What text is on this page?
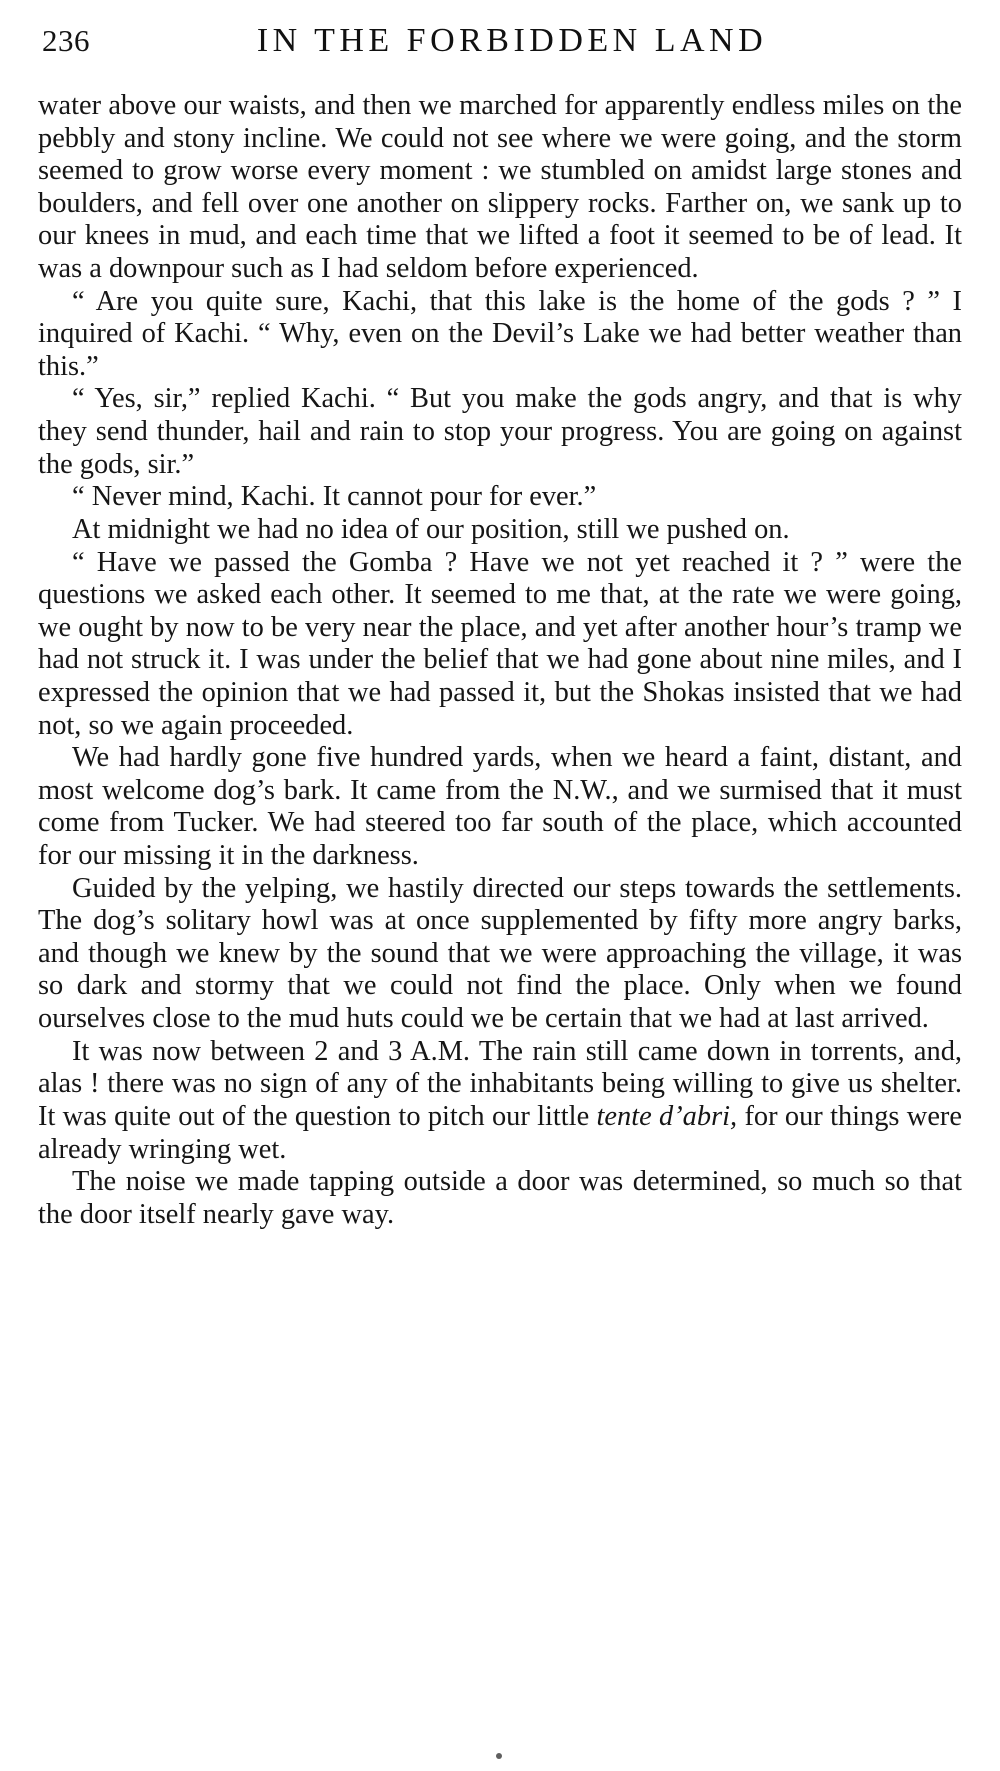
236	IN THE FORBIDDEN LAND

water above our waists, and then we marched for apparently endless miles on the pebbly and stony incline. We could not see where we were going, and the storm seemed to grow worse every moment : we stumbled on amidst large stones and boulders, and fell over one another on slippery rocks. Farther on, we sank up to our knees in mud, and each time that we lifted a foot it seemed to be of lead. It was a downpour such as I had seldom before experienced.

“ Are you quite sure, Kachi, that this lake is the home of the gods ? ” I inquired of Kachi. “ Why, even on the Devil’s Lake we had better weather than this.”

“ Yes, sir,” replied Kachi. “ But you make the gods angry, and that is why they send thunder, hail and rain to stop your progress. You are going on against the gods, sir.”

“ Never mind, Kachi. It cannot pour for ever.”

At midnight we had no idea of our position, still we pushed on.

“ Have we passed the Gomba ? Have we not yet reached it ? ” were the questions we asked each other. It seemed to me that, at the rate we were going, we ought by now to be very near the place, and yet after another hour’s tramp we had not struck it. I was under the belief that we had gone about nine miles, and I expressed the opinion that we had passed it, but the Shokas insisted that we had not, so we again proceeded.

We had hardly gone five hundred yards, when we heard a faint, distant, and most welcome dog’s bark. It came from the N.W., and we surmised that it must come from Tucker. We had steered too far south of the place, which accounted for our missing it in the darkness.

Guided by the yelping, we hastily directed our steps towards the settlements. The dog’s solitary howl was at once supplemented by fifty more angry barks, and though we knew by the sound that we were approaching the village, it was so dark and stormy that we could not find the place. Only when we found ourselves close to the mud huts could we be certain that we had at last arrived.

It was now between 2 and 3 A.M. The rain still came down in torrents, and, alas ! there was no sign of any of the inhabitants being willing to give us shelter. It was quite out of the question to pitch our little tente d’abri, for our things were already wringing wet.

The noise we made tapping outside a door was determined, so much so that the door itself nearly gave way.
